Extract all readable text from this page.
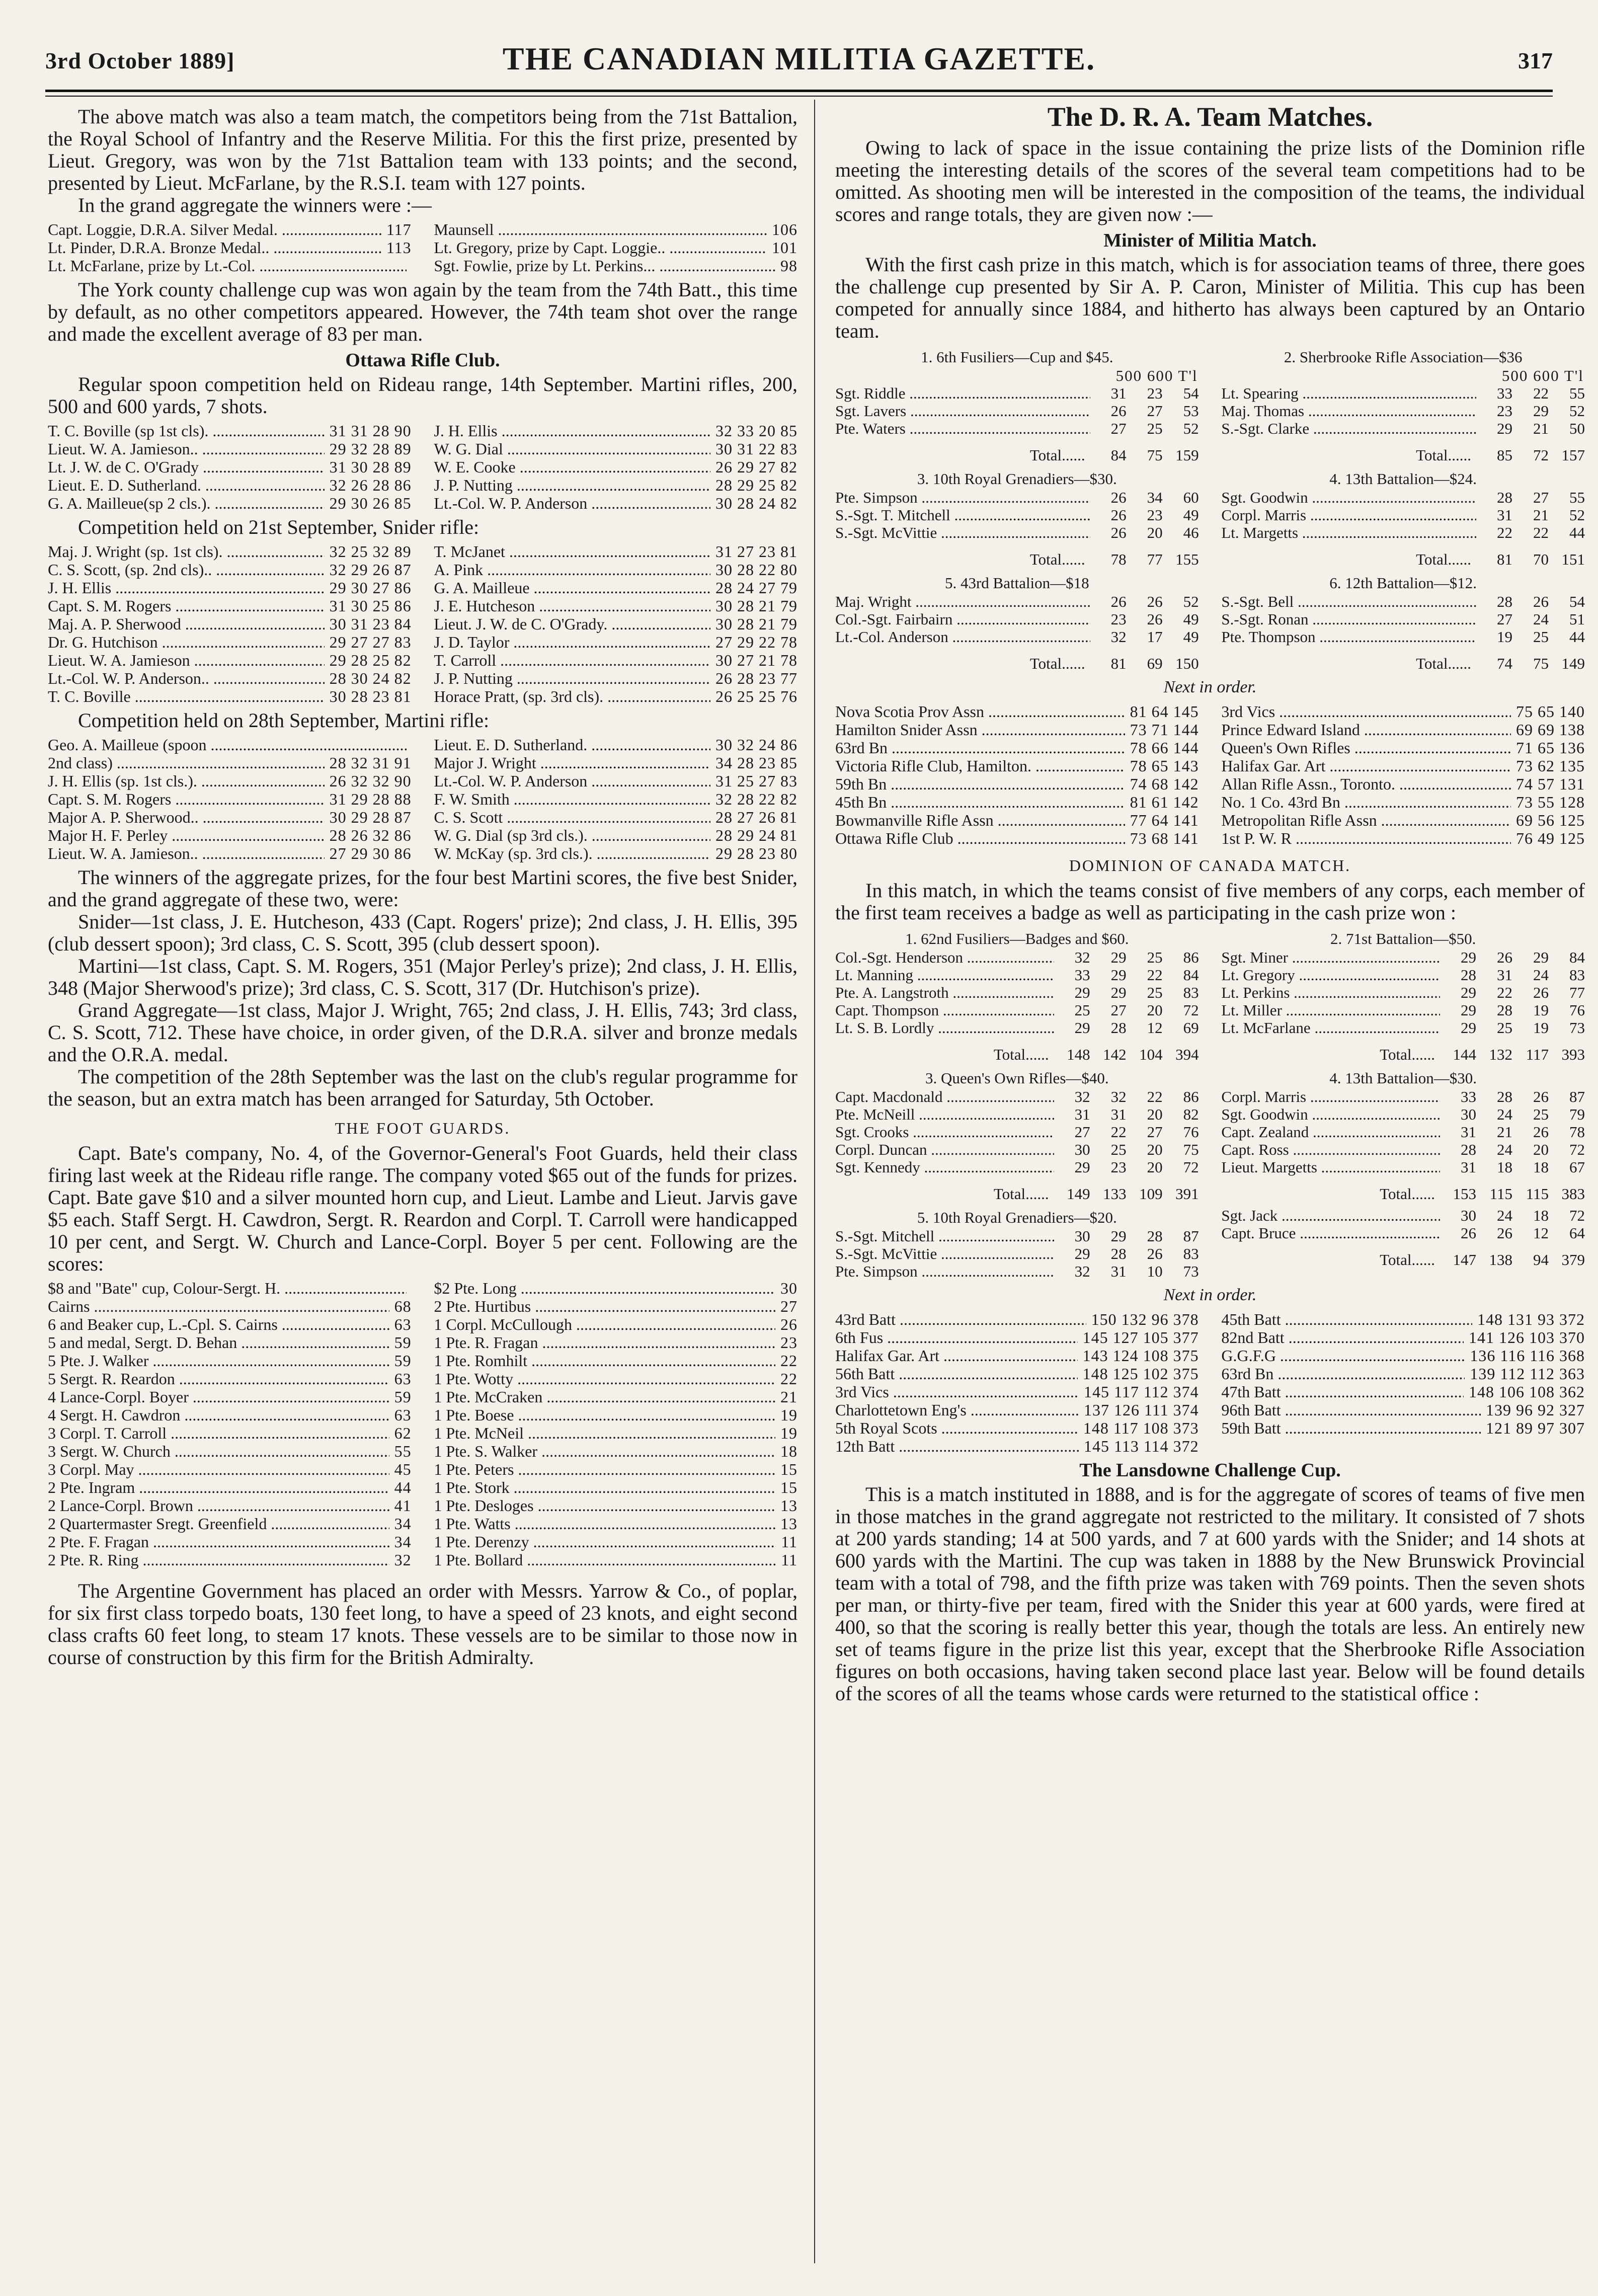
3rd October 1889]	THE CANADIAN MILITIA GAZETTE.	317

The above match was also a team match, the competitors being from the 71st Battalion, the Royal School of Infantry and the Reserve Militia. For this the first prize, presented by Lieut. Gregory, was won by the 71st Battalion team with 133 points; and the second, presented by Lieut. McFarlane, by the R.S.I. team with 127 points.

In the grand aggregate the winners were :—

Capt. Loggie, D.R.A. Silver Medal. .....	117
Lt. Pinder, D.R.A. Bronze Medal.. .....	113
Lt. McFarlane, prize by Lt.-Col. .....
Maunsell .....	106
Lt. Gregory, prize by Capt. Loggie.. .....	101
Sgt. Fowlie, prize by Lt. Perkins... .....	98

The York county challenge cup was won again by the team from the 74th Batt., this time by default, as no other competitors appeared. However, the 74th team shot over the range and made the excellent average of 83 per man.

Ottawa Rifle Club.

Regular spoon competition held on Rideau range, 14th September. Martini rifles, 200, 500 and 600 yards, 7 shots.

T. C. Boville (sp 1st cls). .....	31 31 28 90
Lieut. W. A. Jamieson.. .....	29 32 28 89
Lt. J. W. de C. O'Grady .....	31 30 28 89
Lieut. E. D. Sutherland. .....	32 26 28 86
G. A. Mailleue(sp 2 cls.). .....	29 30 26 85
J. H. Ellis .....	32 33 20 85
W. G. Dial .....	30 31 22 83
W. E. Cooke .....	26 29 27 82
J. P. Nutting .....	28 29 25 82
Lt.-Col. W. P. Anderson .....	30 28 24 82

Competition held on 21st September, Snider rifle:

Maj. J. Wright (sp. 1st cls). .....	32 25 32 89
C. S. Scott, (sp. 2nd cls).. .....	32 29 26 87
J. H. Ellis .....	29 30 27 86
Capt. S. M. Rogers .....	31 30 25 86
Maj. A. P. Sherwood .....	30 31 23 84
Dr. G. Hutchison .....	29 27 27 83
Lieut. W. A. Jamieson .....	29 28 25 82
Lt.-Col. W. P. Anderson.. .....	28 30 24 82
T. C. Boville .....	30 28 23 81
T. McJanet .....	31 27 23 81
A. Pink .....	30 28 22 80
G. A. Mailleue .....	28 24 27 79
J. E. Hutcheson .....	30 28 21 79
Lieut. J. W. de C. O'Grady. .....	30 28 21 79
J. D. Taylor .....	27 29 22 78
T. Carroll .....	30 27 21 78
J. P. Nutting .....	26 28 23 77
Horace Pratt, (sp. 3rd cls). .....	26 25 25 76

Competition held on 28th September, Martini rifle:

Geo. A. Mailleue (spoon .....
2nd class) .....	28 32 31 91
J. H. Ellis (sp. 1st cls.). .....	26 32 32 90
Capt. S. M. Rogers .....	31 29 28 88
Major A. P. Sherwood.. .....	30 29 28 87
Major H. F. Perley .....	28 26 32 86
Lieut. W. A. Jamieson.. .....	27 29 30 86
Lieut. E. D. Sutherland. .....	30 32 24 86
Major J. Wright .....	34 28 23 85
Lt.-Col. W. P. Anderson .....	31 25 27 83
F. W. Smith .....	32 28 22 82
C. S. Scott .....	28 27 26 81
W. G. Dial (sp 3rd cls.). .....	28 29 24 81
W. McKay (sp. 3rd cls.). .....	29 28 23 80

The winners of the aggregate prizes, for the four best Martini scores, the five best Snider, and the grand aggregate of these two, were:

Snider—1st class, J. E. Hutcheson, 433 (Capt. Rogers' prize); 2nd class, J. H. Ellis, 395 (club dessert spoon); 3rd class, C. S. Scott, 395 (club dessert spoon).

Martini—1st class, Capt. S. M. Rogers, 351 (Major Perley's prize); 2nd class, J. H. Ellis, 348 (Major Sherwood's prize); 3rd class, C. S. Scott, 317 (Dr. Hutchison's prize).

Grand Aggregate—1st class, Major J. Wright, 765; 2nd class, J. H. Ellis, 743; 3rd class, C. S. Scott, 712. These have choice, in order given, of the D.R.A. silver and bronze medals and the O.R.A. medal.

The competition of the 28th September was the last on the club's regular programme for the season, but an extra match has been arranged for Saturday, 5th October.

THE FOOT GUARDS.

Capt. Bate's company, No. 4, of the Governor-General's Foot Guards, held their class firing last week at the Rideau rifle range. The company voted $65 out of the funds for prizes. Capt. Bate gave $10 and a silver mounted horn cup, and Lieut. Lambe and Lieut. Jarvis gave $5 each. Staff Sergt. H. Cawdron, Sergt. R. Reardon and Corpl. T. Carroll were handicapped 10 per cent, and Sergt. W. Church and Lance-Corpl. Boyer 5 per cent. Following are the scores:

$8 and "Bate" cup, Colour-Sergt. H. .....
Cairns .....	68
6 and Beaker cup, L.-Cpl. S. Cairns .....	63
5 and medal, Sergt. D. Behan .....	59
5 Pte. J. Walker .....	59
5 Sergt. R. Reardon .....	63
4 Lance-Corpl. Boyer .....	59
4 Sergt. H. Cawdron .....	63
3 Corpl. T. Carroll .....	62
3 Sergt. W. Church .....	55
3 Corpl. May .....	45
2 Pte. Ingram .....	44
2 Lance-Corpl. Brown .....	41
2 Quartermaster Sregt. Greenfield .....	34
2 Pte. F. Fragan .....	34
2 Pte. R. Ring .....	32
$2 Pte. Long .....	30
2 Pte. Hurtibus .....	27
1 Corpl. McCullough .....	26
1 Pte. R. Fragan .....	23
1 Pte. Romhilt .....	22
1 Pte. Wotty .....	22
1 Pte. McCraken .....	21
1 Pte. Boese .....	19
1 Pte. McNeil .....	19
1 Pte. S. Walker .....	18
1 Pte. Peters .....	15
1 Pte. Stork .....	15
1 Pte. Desloges .....	13
1 Pte. Watts .....	13
1 Pte. Derenzy .....	11
1 Pte. Bollard .....	11

The Argentine Government has placed an order with Messrs. Yarrow & Co., of poplar, for six first class torpedo boats, 130 feet long, to have a speed of 23 knots, and eight second class crafts 60 feet long, to steam 17 knots. These vessels are to be similar to those now in course of construction by this firm for the British Admiralty.

The D. R. A. Team Matches.

Owing to lack of space in the issue containing the prize lists of the Dominion rifle meeting the interesting details of the scores of the several team competitions had to be omitted. As shooting men will be interested in the composition of the teams, the individual scores and range totals, they are given now :—

Minister of Militia Match.

With the first cash prize in this match, which is for association teams of three, there goes the challenge cup presented by Sir A. P. Caron, Minister of Militia. This cup has been competed for annually since 1884, and hitherto has always been captured by an Ontario team.

1. 6th Fusiliers—Cup and $45.
500 600 T'l
Sgt. Riddle .....	31	23	54
Sgt. Lavers .....	26	27	53
Pte. Waters .....	27	25	52
Total......	84	75 159
2. Sherbrooke Rifle Association—$36
500 600 T'l
Lt. Spearing .....	33	22	55
Maj. Thomas .....	23	29	52
S.-Sgt. Clarke .....	29	21	50
Total......	85	72 157
3. 10th Royal Grenadiers—$30.
Pte. Simpson .....	26	34	60
S.-Sgt. T. Mitchell .....	26	23	49
S.-Sgt. McVittie .....	26	20	46
Total......	78	77 155
4. 13th Battalion—$24.
Sgt. Goodwin .....	28	27	55
Corpl. Marris .....	31	21	52
Lt. Margetts .....	22	22	44
Total......	81	70 151
5. 43rd Battalion—$18
Maj. Wright .....	26	26	52
Col.-Sgt. Fairbairn .....	23	26	49
Lt.-Col. Anderson .....	32	17	49
Total......	81	69 150
6. 12th Battalion—$12.
S.-Sgt. Bell .....	28	26	54
S.-Sgt. Ronan .....	27	24	51
Pte. Thompson .....	19	25	44
Total......	74	75 149
Next in order.
Nova Scotia Prov Assn .....	81 64 145
Hamilton Snider Assn .....	73 71 144
63rd Bn .....	78 66 144
Victoria Rifle Club, Hamilton. .....	78 65 143
59th Bn .....	74 68 142
45th Bn .....	81 61 142
Bowmanville Rifle Assn .....	77 64 141
Ottawa Rifle Club .....	73 68 141
3rd Vics .....	75 65 140
Prince Edward Island .....	69 69 138
Queen's Own Rifles .....	71 65 136
Halifax Gar. Art .....	73 62 135
Allan Rifle Assn., Toronto. .....	74 57 131
No. 1 Co. 43rd Bn .....	73 55 128
Metropolitan Rifle Assn .....	69 56 125
1st P. W. R .....	76 49 125
DOMINION OF CANADA MATCH.

In this match, in which the teams consist of five members of any corps, each member of the first team receives a badge as well as participating in the cash prize won :

1. 62nd Fusiliers—Badges and $60.
Col.-Sgt. Henderson .....	32	29	25	86
Lt. Manning .....	33	29	22	84
Pte. A. Langstroth .....	29	29	25	83
Capt. Thompson .....	25	27	20	72
Lt. S. B. Lordly .....	29	28	12	69
Total......	148 142 104 394
2. 71st Battalion—$50.
Sgt. Miner .....	29	26	29	84
Lt. Gregory .....	28	31	24	83
Lt. Perkins .....	29	22	26	77
Lt. Miller .....	29	28	19	76
Lt. McFarlane .....	29	25	19	73
Total......	144 132 117 393
3. Queen's Own Rifles—$40.
Capt. Macdonald .....	32	32	22	86
Pte. McNeill .....	31	31	20	82
Sgt. Crooks .....	27	22	27	76
Corpl. Duncan .....	30	25	20	75
Sgt. Kennedy .....	29	23	20	72
Total......	149 133 109 391
4. 13th Battalion—$30.
Corpl. Marris .....	33	28	26	87
Sgt. Goodwin .....	30	24	25	79
Capt. Zealand .....	31	21	26	78
Capt. Ross .....	28	24	20	72
Lieut. Margetts .....	31	18	18	67
Total......	153 115 115 383
5. 10th Royal Grenadiers—$20.
S.-Sgt. Mitchell .....	30	29	28	87
S.-Sgt. McVittie .....	29	28	26	83
Pte. Simpson .....	32	31	10	73
Sgt. Jack .....	30	24	18	72
Capt. Bruce .....	26	26	12	64
Total......	147 138	94 379
Next in order.
43rd Batt .....	150 132 96 378
6th Fus .....	145 127 105 377
Halifax Gar. Art .....	143 124 108 375
56th Batt .....	148 125 102 375
3rd Vics .....	145 117 112 374
Charlottetown Eng's .....	137 126 111 374
5th Royal Scots .....	148 117 108 373
12th Batt .....	145 113 114 372
45th Batt .....	148 131 93 372
82nd Batt .....	141 126 103 370
G.G.F.G .....	136 116 116 368
63rd Bn .....	139 112 112 363
47th Batt .....	148 106 108 362
96th Batt .....	139 96 92 327
59th Batt .....	121 89 97 307
The Lansdowne Challenge Cup.

This is a match instituted in 1888, and is for the aggregate of scores of teams of five men in those matches in the grand aggregate not restricted to the military. It consisted of 7 shots at 200 yards standing; 14 at 500 yards, and 7 at 600 yards with the Snider; and 14 shots at 600 yards with the Martini. The cup was taken in 1888 by the New Brunswick Provincial team with a total of 798, and the fifth prize was taken with 769 points. Then the seven shots per man, or thirty-five per team, fired with the Snider this year at 600 yards, were fired at 400, so that the scoring is really better this year, though the totals are less. An entirely new set of teams figure in the prize list this year, except that the Sherbrooke Rifle Association figures on both occasions, having taken second place last year. Below will be found details of the scores of all the teams whose cards were returned to the statistical office :
